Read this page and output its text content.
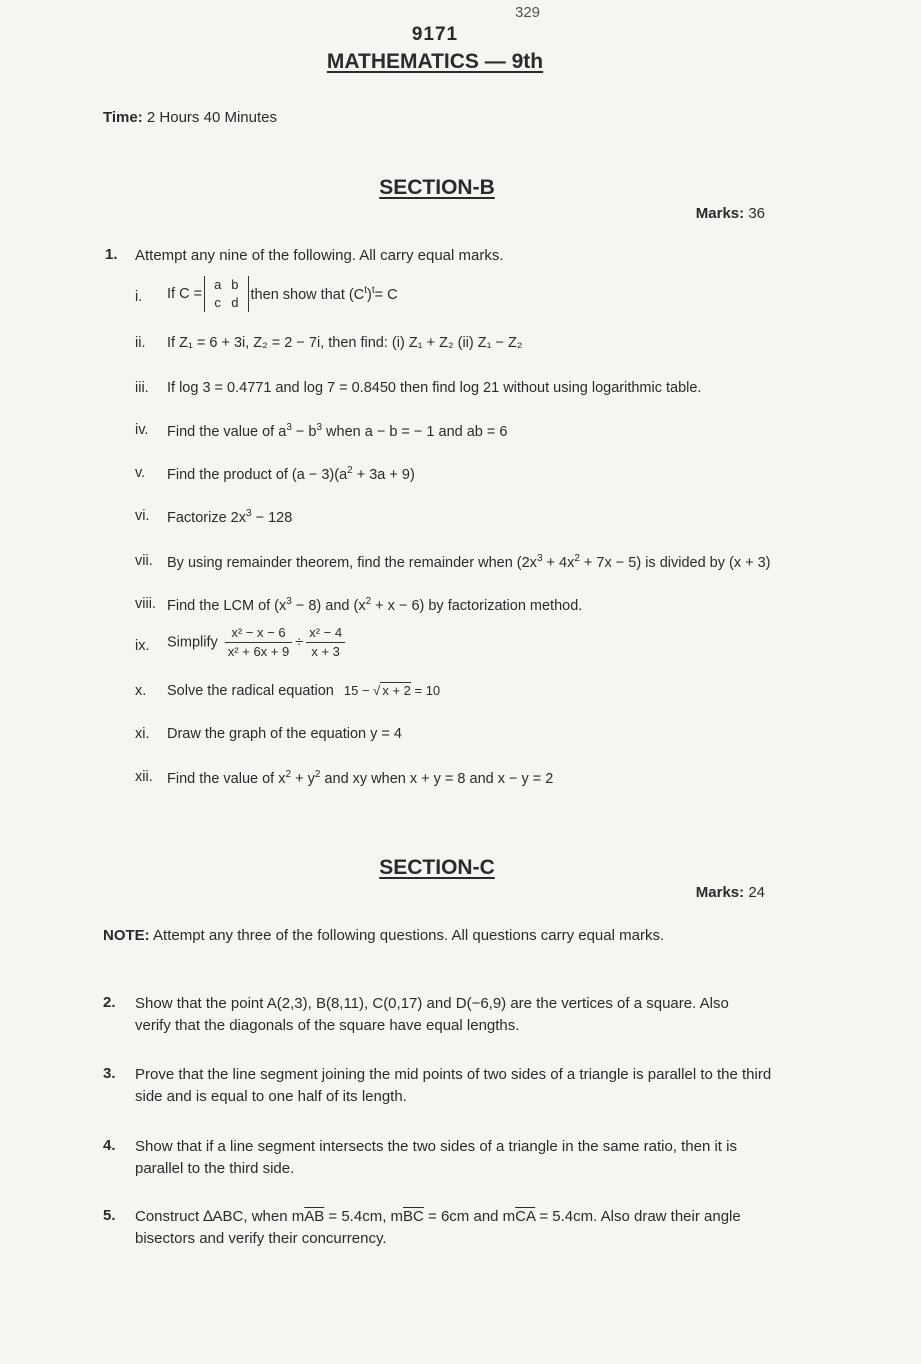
329
9171
MATHEMATICS — 9th
Time: 2 Hours 40 Minutes
SECTION-B
Marks: 36
1. Attempt any nine of the following. All carry equal marks.
i. If C =
a	b
c	d then show that $(C^t)^t= C$
ii. If Z₁ = 6 + 3i, Z₂ = 2 − 7i, then find: (i) Z₁ + Z₂ (ii) Z₁ − Z₂
iii. If log 3 = 0.4771 and log 7 = 0.8450 then find log 21 without using logarithmic table.
iv. Find the value of $a^3 - b^3$ when a − b = − 1 and ab = 6
v. Find the product of $(a - 3)(a^2 + 3a + 9)$
vi. Factorize $2x^3 - 128$
vii. By using remainder theorem, find the remainder when $(2x^3 + 4x^2 + 7x - 5)$ is divided by (x + 3)
viii. Find the LCM of $(x^3 - 8)$ and $(x^2 + x - 6)$ by factorization method.
ix. Simplify $\frac{\text{x² − x − 6}}{\text{x² + 6x + 9}} \div \frac{\text{x² − 4}}{x + 3}$
x. Solve the radical equation 15 − √ x + 2 = 10
xi. Draw the graph of the equation y = 4
xii. Find the value of $x^2 + y^2$ and xy when x + y = 8 and x − y = 2
SECTION-C
Marks: 24
NOTE: Attempt any three of the following questions. All questions carry equal marks.
2. Show that the point A(2,3), B(8,11), C(0,17) and D(−6,9) are the vertices of a square. Also verify that the diagonals of the square have equal lengths.
3. Prove that the line segment joining the mid points of two sides of a triangle is parallel to the third side and is equal to one half of its length.
4. Show that if a line segment intersects the two sides of a triangle in the same ratio, then it is parallel to the third side.
5. Construct ∆ABC, when $m\overline{AB} = 5.4cm$, $m\overline{BC} = 6cm$ and $m\overline{CA} = 5.4cm$. Also draw their angle bisectors and verify their concurrency.
